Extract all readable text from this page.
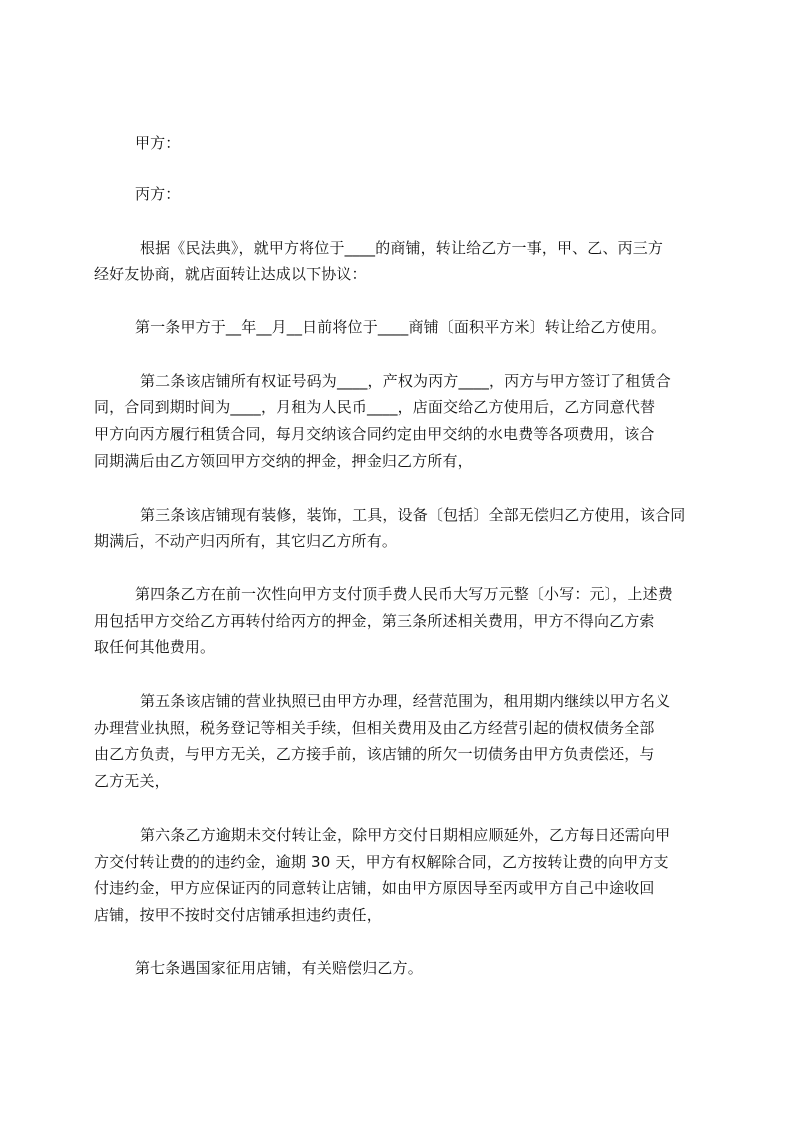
甲方：
丙方：
根据《民法典》，就甲方将位于____的商铺，转让给乙方一事，甲、乙、丙三方
经好友协商，就店面转让达成以下协议：
第一条甲方于__年__月__日前将位于____商铺〔面积平方米〕转让给乙方使用。
第二条该店铺所有权证号码为____，产权为丙方____，丙方与甲方签订了租赁合
同，合同到期时间为____，月租为人民币____，店面交给乙方使用后，乙方同意代替
甲方向丙方履行租赁合同，每月交纳该合同约定由甲交纳的水电费等各项费用，该合
同期满后由乙方领回甲方交纳的押金，押金归乙方所有，
第三条该店铺现有装修，装饰，工具，设备〔包括〕全部无偿归乙方使用，该合同
期满后，不动产归丙所有，其它归乙方所有。
第四条乙方在前一次性向甲方支付顶手费人民币大写万元整〔小写：元〕，上述费
用包括甲方交给乙方再转付给丙方的押金，第三条所述相关费用，甲方不得向乙方索
取任何其他费用。
第五条该店铺的营业执照已由甲方办理，经营范围为，租用期内继续以甲方名义
办理营业执照，税务登记等相关手续，但相关费用及由乙方经营引起的债权债务全部
由乙方负责，与甲方无关，乙方接手前，该店铺的所欠一切债务由甲方负责偿还，与
乙方无关，
第六条乙方逾期未交付转让金，除甲方交付日期相应顺延外，乙方每日还需向甲
方交付转让费的的违约金，逾期 30 天，甲方有权解除合同，乙方按转让费的向甲方支
付违约金，甲方应保证丙的同意转让店铺，如由甲方原因导至丙或甲方自己中途收回
店铺，按甲不按时交付店铺承担违约责任，
第七条遇国家征用店铺，有关赔偿归乙方。
